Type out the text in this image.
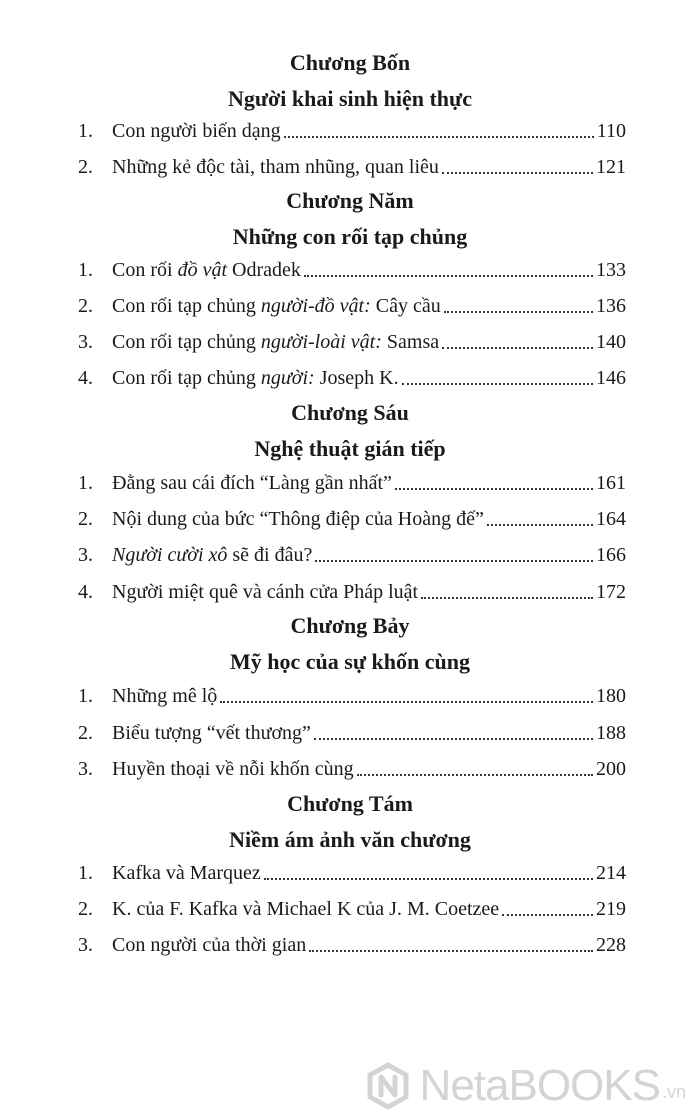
Chương Bốn
Người khai sinh hiện thực
1. Con người biến dạng	110
2. Những kẻ độc tài, tham nhũng, quan liêu	121
Chương Năm
Những con rối tạp chủng
1. Con rối đồ vật Odradek	133
2. Con rối tạp chủng người-đồ vật: Cây cầu	136
3. Con rối tạp chủng người-loài vật: Samsa	140
4. Con rối tạp chủng người: Joseph K.	146
Chương Sáu
Nghệ thuật gián tiếp
1. Đằng sau cái đích “Làng gần nhất”	161
2. Nội dung của bức “Thông điệp của Hoàng đế”	164
3. Người cười xô sẽ đi đâu?	166
4. Người miệt quê và cánh cửa Pháp luật	172
Chương Bảy
Mỹ học của sự khốn cùng
1. Những mê lộ	180
2. Biểu tượng “vết thương”	188
3. Huyền thoại về nỗi khốn cùng	200
Chương Tám
Niềm ám ảnh văn chương
1. Kafka và Marquez	214
2. K. của F. Kafka và Michael K của J. M. Coetzee	219
3. Con người của thời gian	228
NetaBOOKS .vn
